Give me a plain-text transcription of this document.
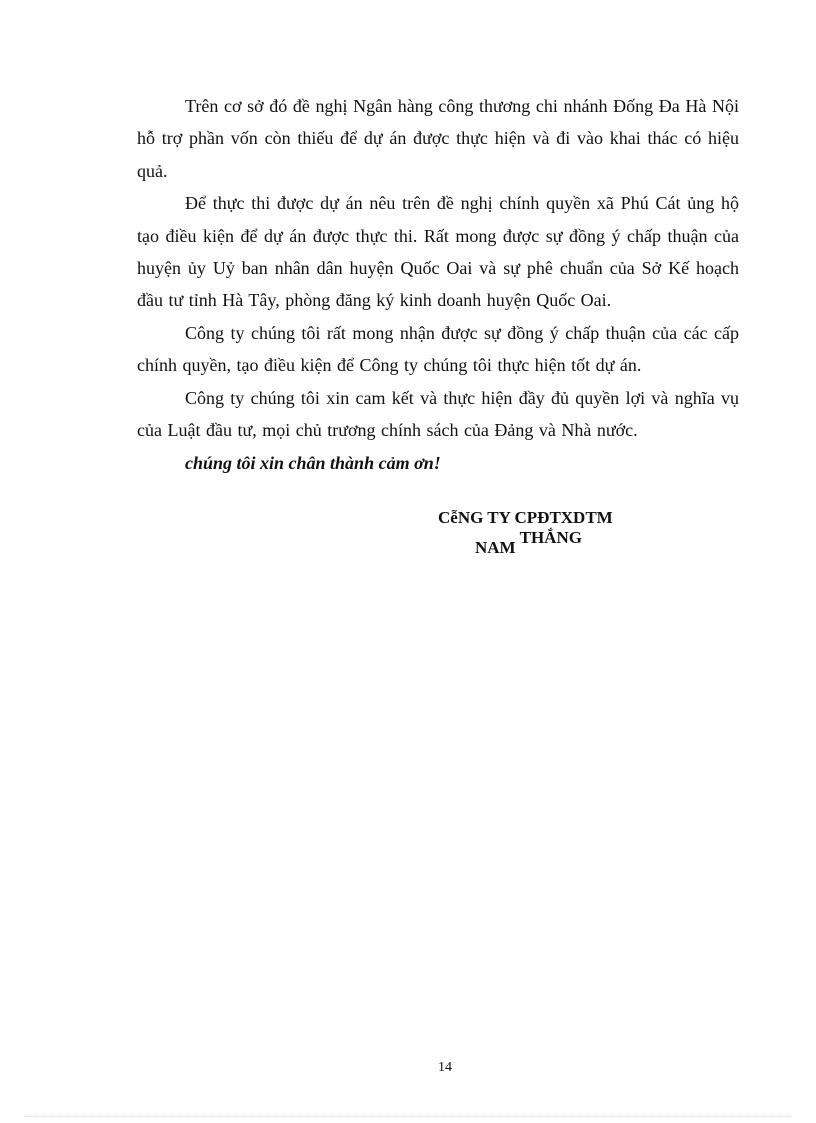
Trên cơ sở đó đề nghị Ngân hàng công thương chi nhánh Đống Đa Hà Nội hỗ trợ phần vốn còn thiếu để dự án được thực hiện và đi vào khai thác có hiệu quả.

Để thực thi được dự án nêu trên đề nghị chính quyền xã Phú Cát ủng hộ tạo điều kiện để dự án được thực thi. Rất mong được sự đồng ý chấp thuận của huyện ủy Uỷ ban nhân dân huyện Quốc Oai và sự phê chuẩn của Sở Kế hoạch đầu tư tỉnh Hà Tây, phòng đăng ký kinh doanh huyện Quốc Oai.

Công ty chúng tôi rất mong nhận được sự đồng ý chấp thuận của các cấp chính quyền, tạo điều kiện để Công ty chúng tôi thực hiện tốt dự án.

Công ty chúng tôi xin cam kết và thực hiện đầy đủ quyền lợi và nghĩa vụ của Luật đầu tư, mọi chủ trương chính sách của Đảng và Nhà nước.

chúng tôi xin chân thành cảm ơn!
CễNG TY CPĐTXDTM
NAMTHẮNG
14
